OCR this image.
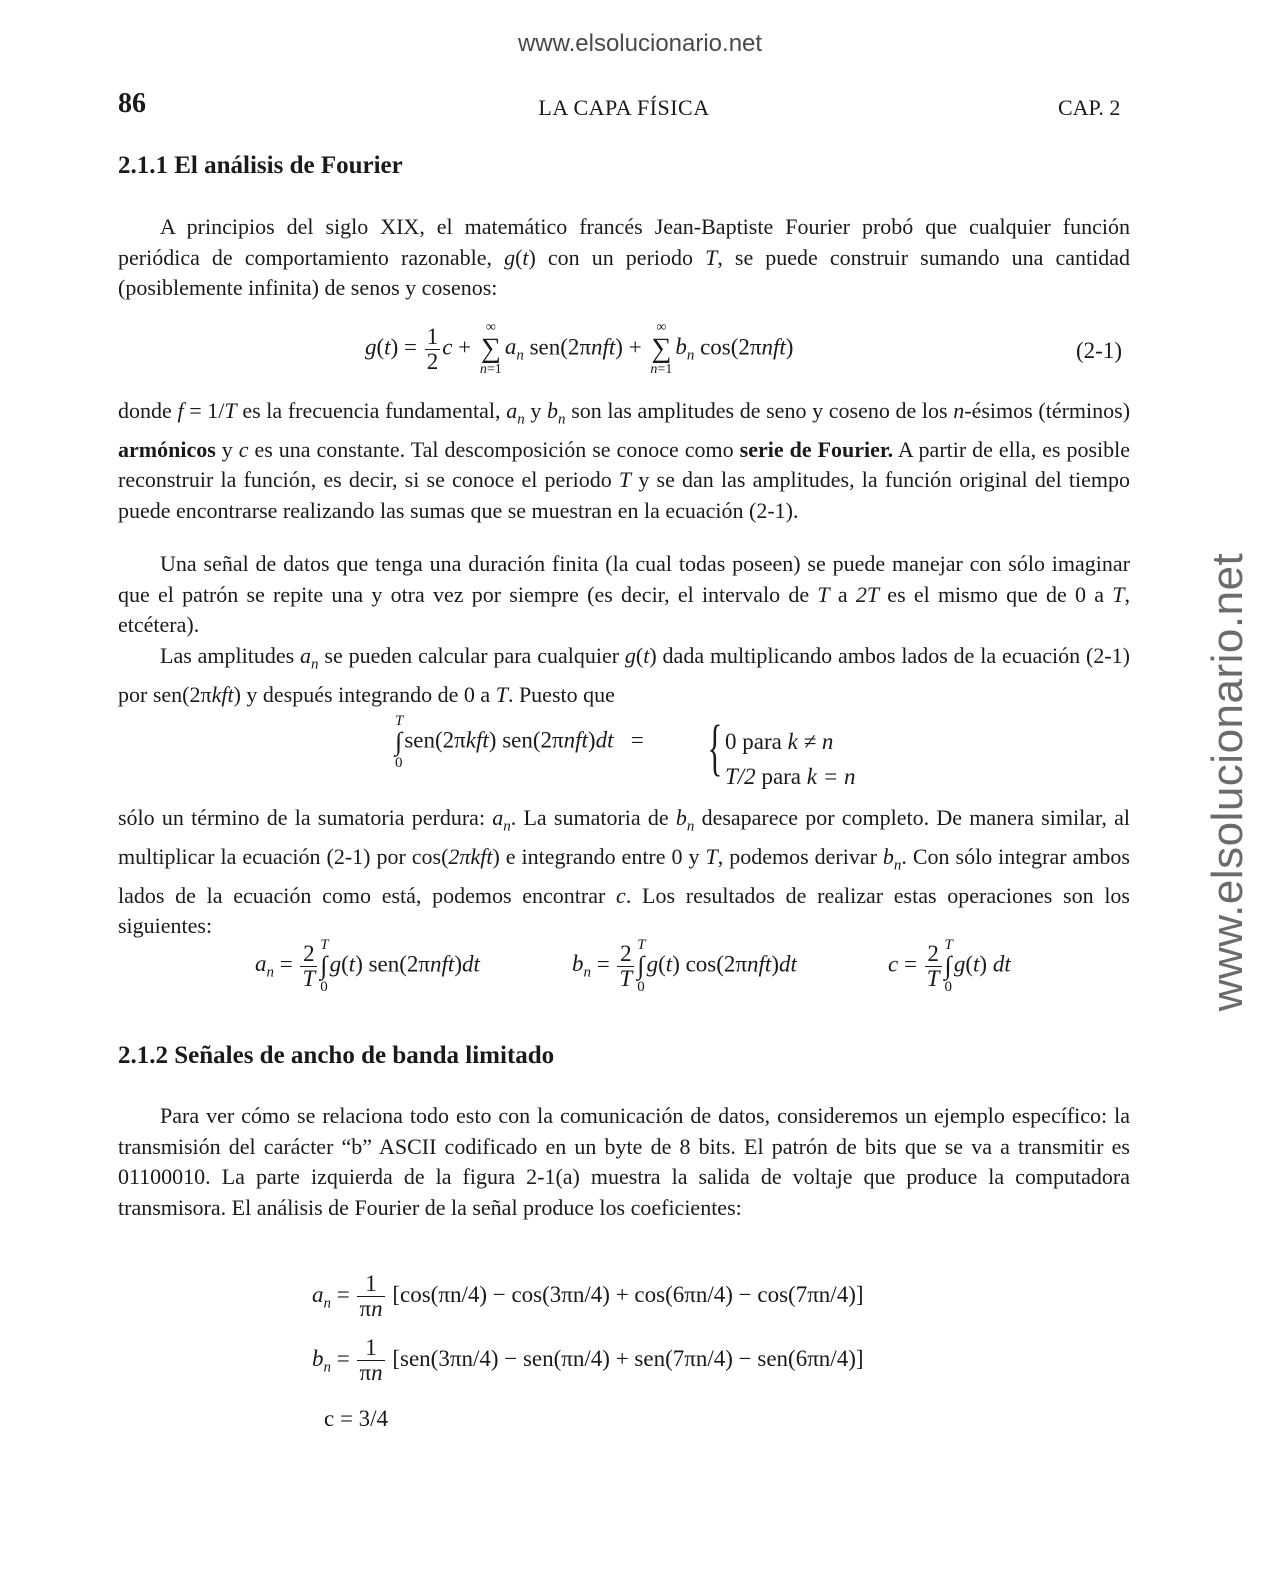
www.elsolucionario.net
www.elsolucionario.net
86	LA CAPA FÍSICA	CAP. 2
2.1.1 El análisis de Fourier

A principios del siglo XIX, el matemático francés Jean-Baptiste Fourier probó que cualquier función periódica de comportamiento razonable, g(t) con un periodo T, se puede construir sumando una cantidad (posiblemente infinita) de senos y cosenos:

$g(t) = \frac{1}{2}$ c +
∞
∑
n=1
$a_n$ sen(2πnft) +
∞
∑
n=1
$b_n$ cos(2πnft)	(2-1)

donde f = 1/T es la frecuencia fundamental, $a_n$ y $b_n$ son las amplitudes de seno y coseno de los n-ésimos (términos) armónicos y c es una constante. Tal descomposición se conoce como serie de Fourier. A partir de ella, es posible reconstruir la función, es decir, si se conoce el periodo T y se dan las amplitudes, la función original del tiempo puede encontrarse realizando las sumas que se muestran en la ecuación (2-1).

Una señal de datos que tenga una duración finita (la cual todas poseen) se puede manejar con sólo imaginar que el patrón se repite una y otra vez por siempre (es decir, el intervalo de T a 2T es el mismo que de 0 a T, etcétera).

Las amplitudes $a_n$ se pueden calcular para cualquier g(t) dada multiplicando ambos lados de la ecuación (2-1) por sen(2πkft) y después integrando de 0 a T. Puesto que

T
∫
0
sen(2πkft) sen(2πnft)dt   = { 0 para k ≠ n
T/2 para k = n

sólo un término de la sumatoria perdura: $a_n$. La sumatoria de $b_n$ desaparece por completo. De manera similar, al multiplicar la ecuación (2-1) por cos(2πkft) e integrando entre 0 y T, podemos derivar $b_n$. Con sólo integrar ambos lados de la ecuación como está, podemos encontrar c. Los resultados de realizar estas operaciones son los siguientes:

$a_n = \frac{2}{T}$ T
∫
0
g(t) sen(2πnft)dt	$b_n = \frac{2}{T}$ T
∫
0
g(t) cos(2πnft)dt	$c = \frac{2}{T}$ T
∫
0
g(t) dt
2.1.2 Señales de ancho de banda limitado

Para ver cómo se relaciona todo esto con la comunicación de datos, consideremos un ejemplo específico: la transmisión del carácter “b” ASCII codificado en un byte de 8 bits. El patrón de bits que se va a transmitir es 01100010. La parte izquierda de la figura 2-1(a) muestra la salida de voltaje que produce la computadora transmisora. El análisis de Fourier de la señal produce los coeficientes:

$a_n = \frac{1}{\pi n} [\cos(\pi n/4) - \cos(3\pi n/4) + \cos(6\pi n/4) - \cos(7\pi n/4)]$
$b_n = \frac{1}{\pi n} [sen(3\pi n/4) - sen(\pi n/4) + sen(7\pi n/4) - sen(6\pi n/4)]$
c = 3/4
